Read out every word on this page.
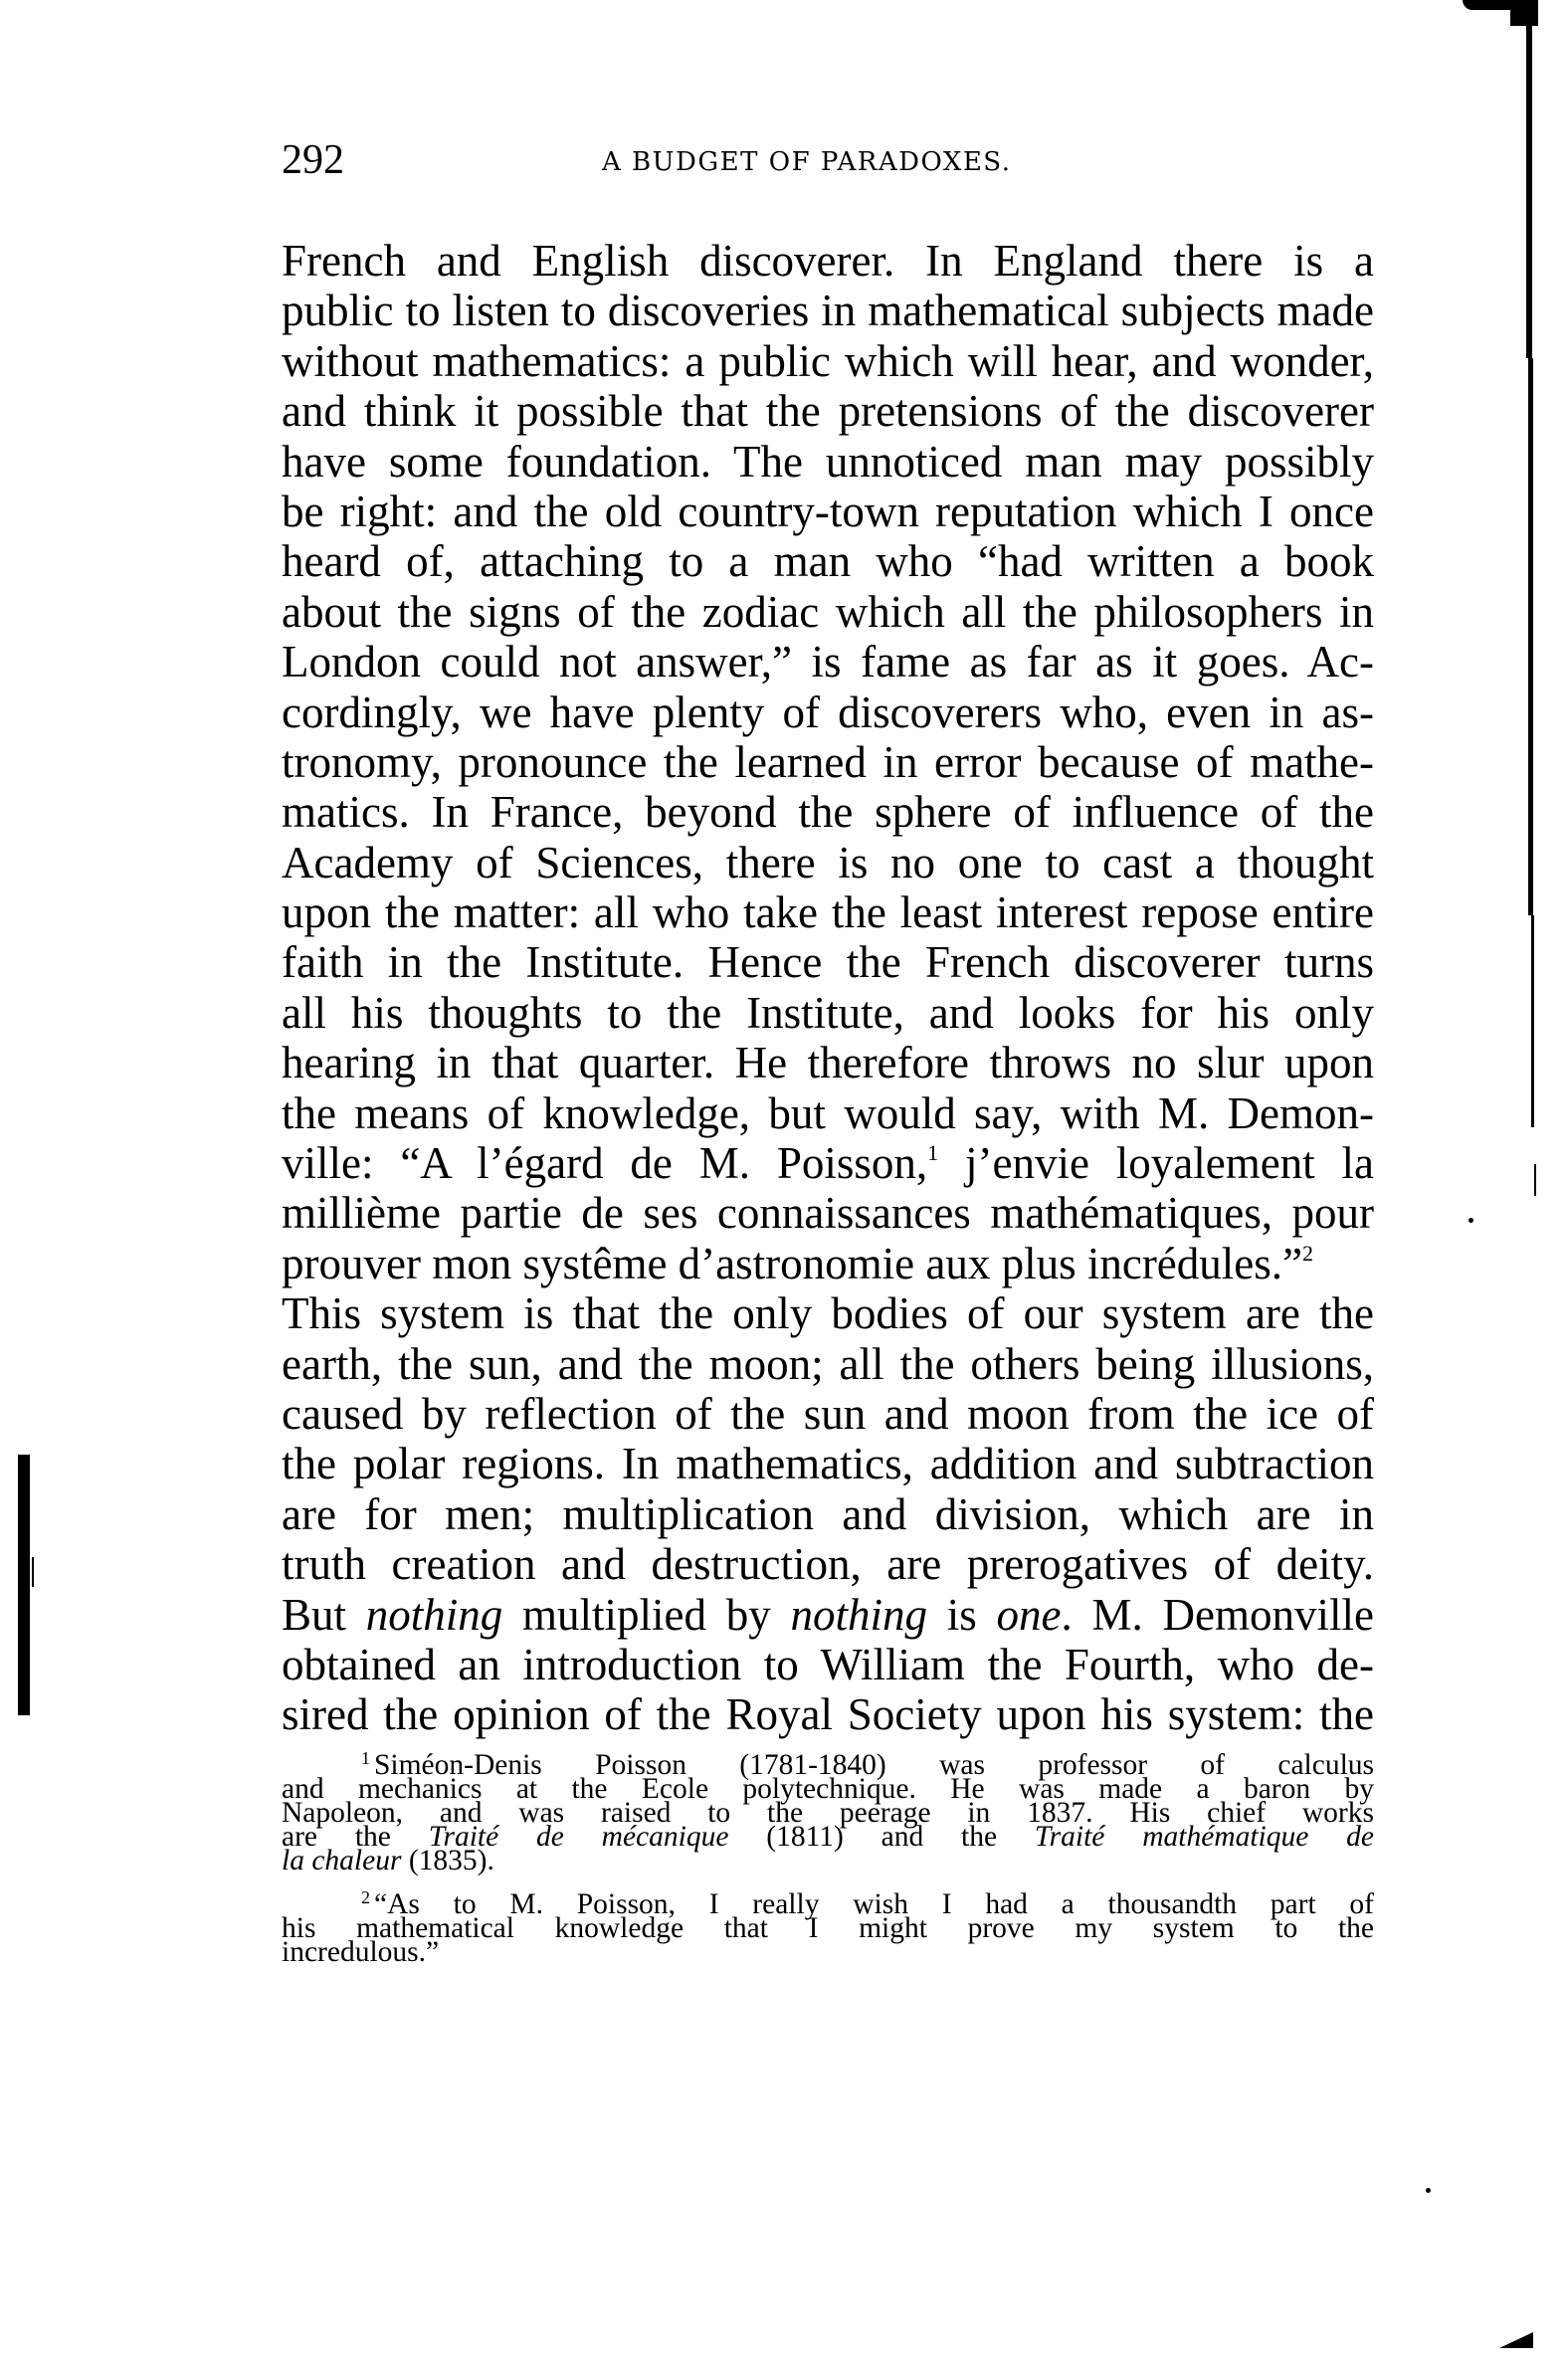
292	A BUDGET OF PARADOXES.
French and English discoverer. In England there is a
public to listen to discoveries in mathematical subjects made
without mathematics: a public which will hear, and wonder,
and think it possible that the pretensions of the discoverer
have some foundation. The unnoticed man may possibly
be right: and the old country-town reputation which I once
heard of, attaching to a man who “had written a book
about the signs of the zodiac which all the philosophers in
London could not answer,” is fame as far as it goes. Ac-
cordingly, we have plenty of discoverers who, even in as-
tronomy, pronounce the learned in error because of mathe-
matics. In France, beyond the sphere of influence of the
Academy of Sciences, there is no one to cast a thought
upon the matter: all who take the least interest repose entire
faith in the Institute. Hence the French discoverer turns
all his thoughts to the Institute, and looks for his only
hearing in that quarter. He therefore throws no slur upon
the means of knowledge, but would say, with M. Demon-
ville: “A l’égard de M. Poisson,$^1$ j’envie loyalement la
millième partie de ses connaissances mathématiques, pour
prouver mon systême d’astronomie aux plus incrédules.”$^2$
This system is that the only bodies of our system are the
earth, the sun, and the moon; all the others being illusions,
caused by reflection of the sun and moon from the ice of
the polar regions. In mathematics, addition and subtraction
are for men; multiplication and division, which are in
truth creation and destruction, are prerogatives of deity.
But nothing multiplied by nothing is one. M. Demonville
obtained an introduction to William the Fourth, who de-
sired the opinion of the Royal Society upon his system: the
$^1$ Siméon-Denis Poisson (1781-1840) was professor of calculus
and mechanics at the Ecole polytechnique. He was made a baron by
Napoleon, and was raised to the peerage in 1837. His chief works
are the Traité de mécanique (1811) and the Traité mathématique de
la chaleur (1835).
$^2$ “As to M. Poisson, I really wish I had a thousandth part of
his mathematical knowledge that I might prove my system to the
incredulous.”
